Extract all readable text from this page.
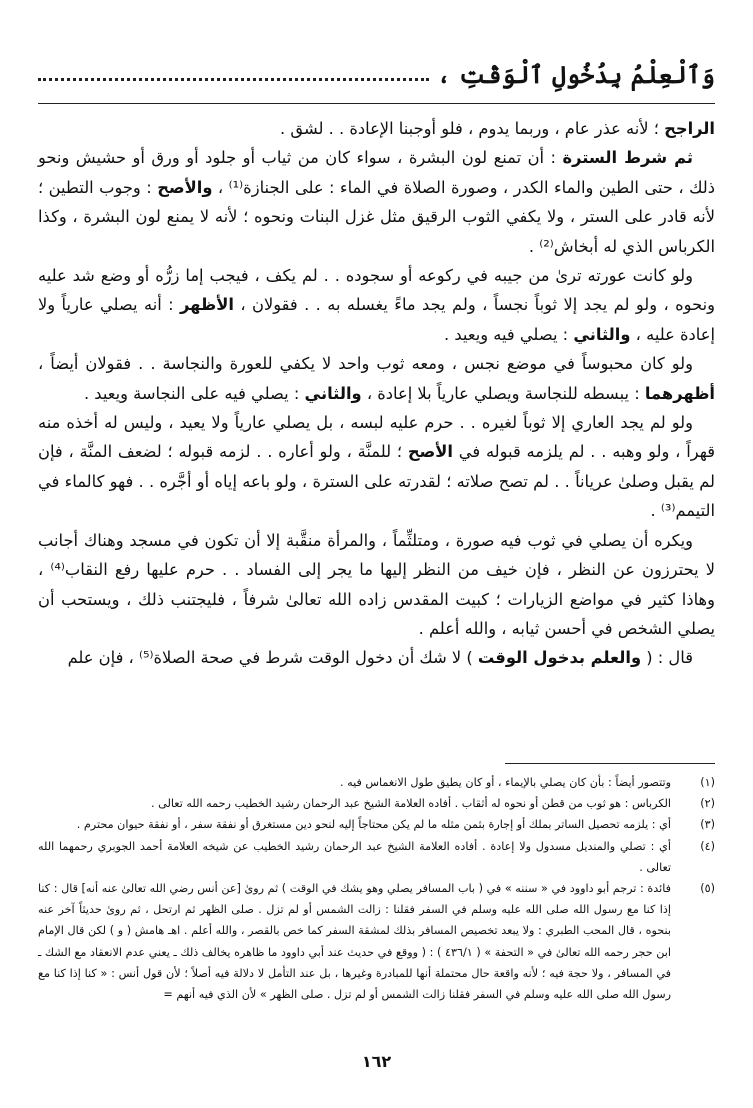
وَٱلْعِلْمُ بِدُخُولِ ٱلْوَقْتِ ،

الراجح ؛ لأنه عذر عام ، وربما يدوم ، فلو أوجبنا الإعادة . . لشق .

ثم شرط السترة : أن تمنع لون البشرة ، سواء كان من ثياب أو جلود أو ورق أو حشيش ونحو ذلك ، حتى الطين والماء الكدر ، وصورة الصلاة في الماء : على الجنازة⁽¹⁾ ، والأصح : وجوب التطين ؛ لأنه قادر على الستر ، ولا يكفي الثوب الرقيق مثل غزل البنات ونحوه ؛ لأنه لا يمنع لون البشرة ، وكذا الكرباس الذي له أبخاش⁽²⁾ .

ولو كانت عورته ترىٰ من جيبه في ركوعه أو سجوده . . لم يكف ، فيجب إما زرُّه أو وضع شد عليه ونحوه ، ولو لم يجد إلا ثوباً نجساً ، ولم يجد ماءً يغسله به . . فقولان ، الأظهر : أنه يصلي عارياً ولا إعادة عليه ، والثاني : يصلي فيه ويعيد .

ولو كان محبوساً في موضع نجس ، ومعه ثوب واحد لا يكفي للعورة والنجاسة . . فقولان أيضاً ، أظهرهما : يبسطه للنجاسة ويصلي عارياً بلا إعادة ، والثاني : يصلي فيه على النجاسة ويعيد .

ولو لم يجد العاري إلا ثوباً لغيره . . حرم عليه لبسه ، بل يصلي عارياً ولا يعيد ، وليس له أخذه منه قهراً ، ولو وهبه . . لم يلزمه قبوله في الأصح ؛ للمنَّة ، ولو أعاره . . لزمه قبوله ؛ لضعف المنَّة ، فإن لم يقبل وصلىٰ عرياناً . . لم تصح صلاته ؛ لقدرته على السترة ، ولو باعه إياه أو أجَّره . . فهو كالماء في التيمم⁽³⁾ .

ويكره أن يصلي في ثوب فيه صورة ، ومتلثِّماً ، والمرأة منقَّبة إلا أن تكون في مسجد وهناك أجانب لا يحترزون عن النظر ، فإن خيف من النظر إليها ما يجر إلى الفساد . . حرم عليها رفع النقاب⁽⁴⁾ ، وهاذا كثير في مواضع الزيارات ؛ كبيت المقدس زاده الله تعالىٰ شرفاً ، فليجتنب ذلك ، ويستحب أن يصلي الشخص في أحسن ثيابه ، والله أعلم .

قال : ( والعلم بدخول الوقت ) لا شك أن دخول الوقت شرط في صحة الصلاة⁽⁵⁾ ، فإن علم

(١)
وتتصور أيضاً : بأن كان يصلي بالإيماء ، أو كان يطيق طول الانغماس فيه .
(٢)
الكرباس : هو ثوب من قطن أو نحوه له أثقاب . أفاده العلامة الشيخ عبد الرحمان رشيد الخطيب رحمه الله تعالى .
(٣)
أي : يلزمه تحصيل الساتر بملك أو إجارة بثمن مثله ما لم يكن محتاجاً إليه لنحو دين مستغرق أو نفقة سفر ، أو نفقة حيوان محترم .
(٤)
أي : تصلي والمنديل مسدول ولا إعادة . أفاده العلامة الشيخ عبد الرحمان رشيد الخطيب عن شيخه العلامة أحمد الجوبري رحمهما الله تعالى .
(٥)
فائدة : ترجم أبو داوود في « سننه » في ( باب المسافر يصلي وهو يشك في الوقت ) ثم روىٰ [عن أنس رضي الله تعالىٰ عنه أنه] قال : كنا إذا كنا مع رسول الله صلى الله عليه وسلم في السفر فقلنا : زالت الشمس أو لم تزل . صلى الظهر ثم ارتحل ، ثم روىٰ حديثاً آخر عنه بنحوه ، قال المحب الطبري : ولا يبعد تخصيص المسافر بذلك لمشقة السفر كما خص بالقصر ، والله أعلم . اهـ هامش ( و ) لكن قال الإمام ابن حجر رحمه الله تعالىٰ في « التحفة » ( ٤٣٦/١ ) : ( ووقع في حديث عند أبي داوود ما ظاهره يخالف ذلك ـ يعني عدم الانعقاد مع الشك ـ في المسافر ، ولا حجة فيه ؛ لأنه واقعة حال محتملة أنها للمبادرة وغيرها ، بل عند التأمل لا دلالة فيه أصلاً ؛ لأن قول أنس : « كنا إذا كنا مع رسول الله صلى الله عليه وسلم في السفر فقلنا زالت الشمس أو لم تزل . صلى الظهر » لأن الذي فيه أنهم =
١٦٢
